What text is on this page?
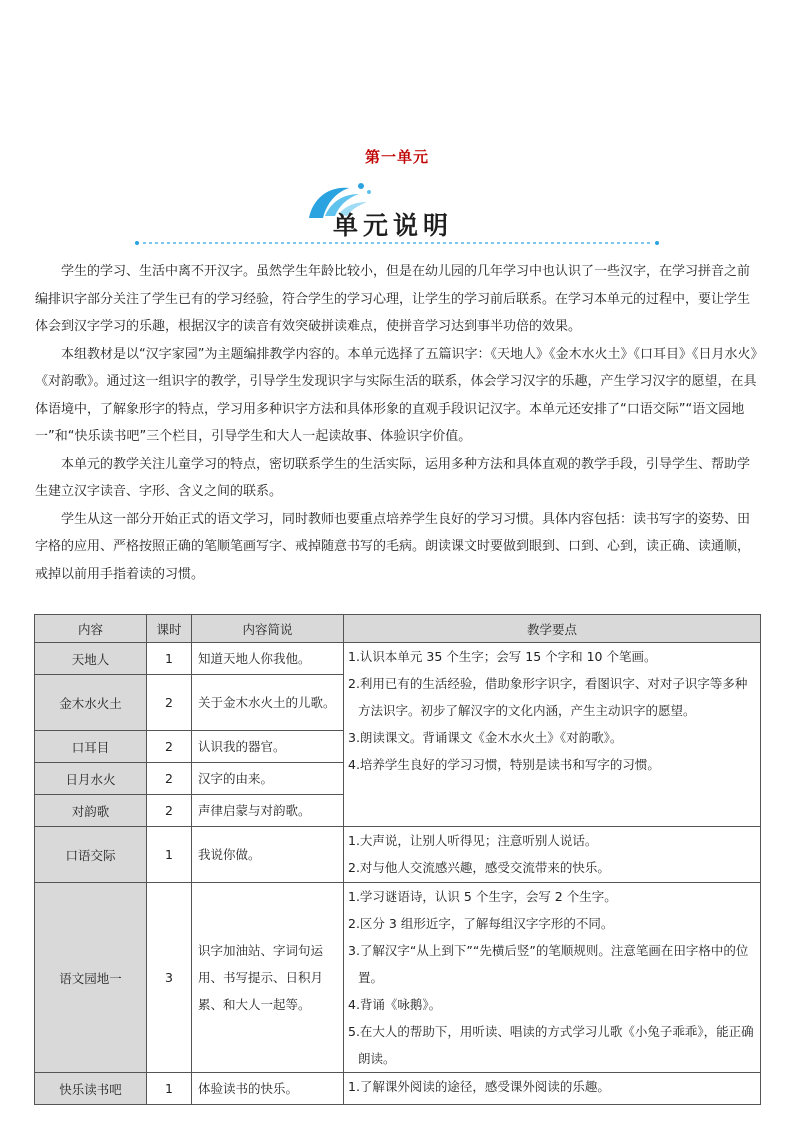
第一单元
单元说明

学生的学习、生活中离不开汉字。虽然学生年龄比较小，但是在幼儿园的几年学习中也认识了一些汉字，在学习拼音之前编排识字部分关注了学生已有的学习经验，符合学生的学习心理，让学生的学习前后联系。在学习本单元的过程中，要让学生体会到汉字学习的乐趣，根据汉字的读音有效突破拼读难点，使拼音学习达到事半功倍的效果。

本组教材是以“汉字家园”为主题编排教学内容的。本单元选择了五篇识字：《天地人》《金木水火土》《口耳目》《日月水火》《对韵歌》。通过这一组识字的教学，引导学生发现识字与实际生活的联系，体会学习汉字的乐趣，产生学习汉字的愿望，在具体语境中，了解象形字的特点，学习用多种识字方法和具体形象的直观手段识记汉字。本单元还安排了“口语交际”“语文园地一”和“快乐读书吧”三个栏目，引导学生和大人一起读故事、体验识字价值。

本单元的教学关注儿童学习的特点，密切联系学生的生活实际，运用多种方法和具体直观的教学手段，引导学生、帮助学生建立汉字读音、字形、含义之间的联系。

学生从这一部分开始正式的语文学习，同时教师也要重点培养学生良好的学习习惯。具体内容包括：读书写字的姿势、田字格的应用、严格按照正确的笔顺笔画写字、戒掉随意书写的毛病。朗读课文时要做到眼到、口到、心到，读正确、读通顺，戒掉以前用手指着读的习惯。

内容	课时	内容简说	教学要点
天地人	1	知道天地人你我他。	1.认识本单元 35 个生字；会写 15 个字和 10 个笔画。
2.利用已有的生活经验，借助象形字识字，看图识字、对对子识字等多种方法识字。初步了解汉字的文化内涵，产生主动识字的愿望。
3.朗读课文。背诵课文《金木水火土》《对韵歌》。
4.培养学生良好的学习习惯，特别是读书和写字的习惯。

金木水火土	2	关于金木水火土的儿歌。	
口耳目	2	认识我的器官。	
日月水火	2	汉字的由来。	
对韵歌	2	声律启蒙与对韵歌。	
口语交际	1	我说你做。	1.大声说，让别人听得见；注意听别人说话。
2.对与他人交流感兴趣，感受交流带来的快乐。

语文园地一	3	识字加油站、字词句运用、书写提示、日积月累、和大人一起等。	1.学习谜语诗，认识 5 个生字，会写 2 个生字。
2.区分 3 组形近字，了解每组汉字字形的不同。
3.了解汉字“从上到下”“先横后竖”的笔顺规则。注意笔画在田字格中的位置。
4.背诵《咏鹅》。
5.在大人的帮助下，用听读、唱读的方式学习儿歌《小兔子乖乖》，能正确朗读。

快乐读书吧	1	体验读书的快乐。	1.了解课外阅读的途径，感受课外阅读的乐趣。
